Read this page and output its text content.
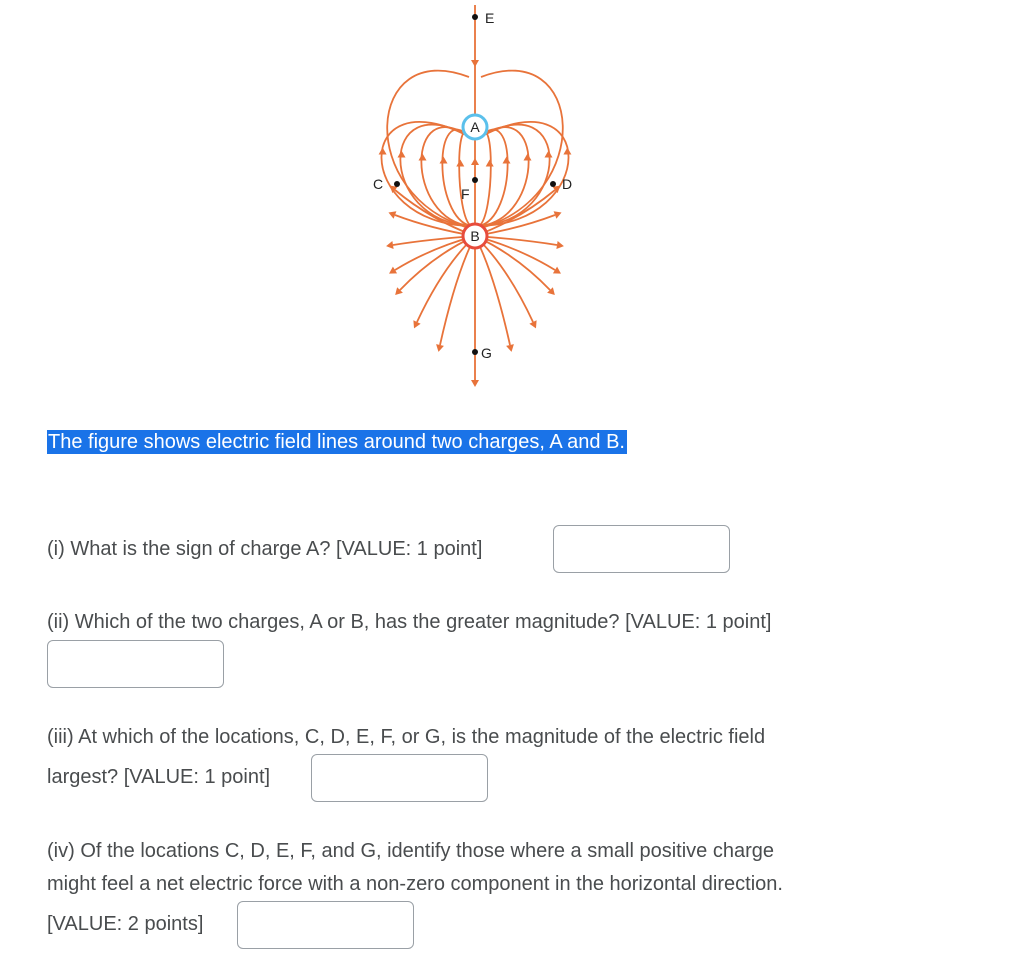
E
C	D
F
G
A
B
The figure shows electric field lines around two charges, A and B.
(i) What is the sign of charge A? [VALUE: 1 point]
(ii) Which of the two charges, A or B, has the greater magnitude? [VALUE: 1 point]
(iii) At which of the locations, C, D, E, F, or G, is the magnitude of the electric field
largest? [VALUE: 1 point]
(iv) Of the locations C, D, E, F, and G, identify those where a small positive charge
might feel a net electric force with a non-zero component in the horizontal direction.
[VALUE: 2 points]
